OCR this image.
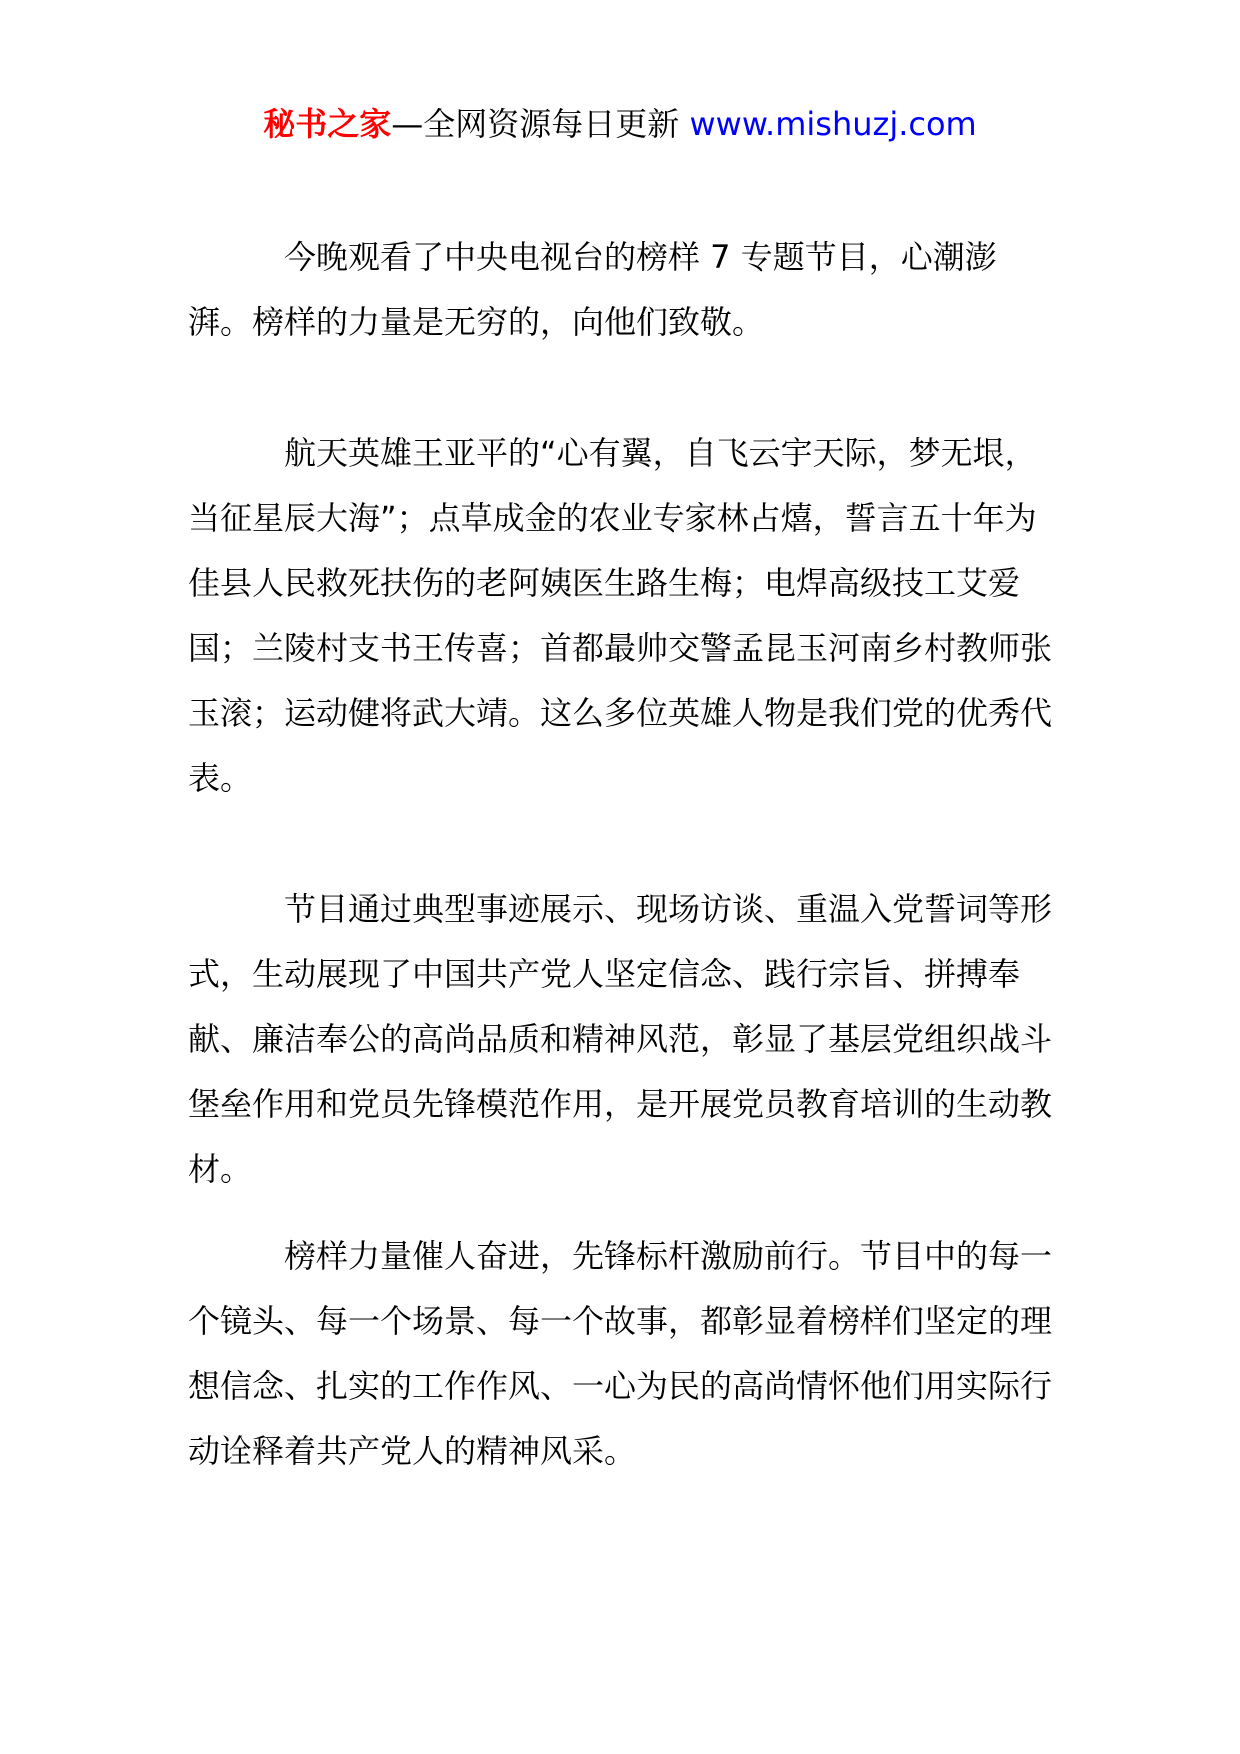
秘书之家—全网资源每日更新 www.mishuzj.com

今晚观看了中央电视台的榜样 7 专题节目，心潮澎湃。榜样的力量是无穷的，向他们致敬。

航天英雄王亚平的“心有翼，自飞云宇天际，梦无垠，当征星辰大海”；点草成金的农业专家林占熺，誓言五十年为佳县人民救死扶伤的老阿姨医生路生梅；电焊高级技工艾爱国；兰陵村支书王传喜；首都最帅交警孟昆玉河南乡村教师张玉滚；运动健将武大靖。这么多位英雄人物是我们党的优秀代表。

节目通过典型事迹展示、现场访谈、重温入党誓词等形式，生动展现了中国共产党人坚定信念、践行宗旨、拼搏奉献、廉洁奉公的高尚品质和精神风范，彰显了基层党组织战斗堡垒作用和党员先锋模范作用，是开展党员教育培训的生动教材。

榜样力量催人奋进，先锋标杆激励前行。节目中的每一个镜头、每一个场景、每一个故事，都彰显着榜样们坚定的理想信念、扎实的工作作风、一心为民的高尚情怀他们用实际行动诠释着共产党人的精神风采。
